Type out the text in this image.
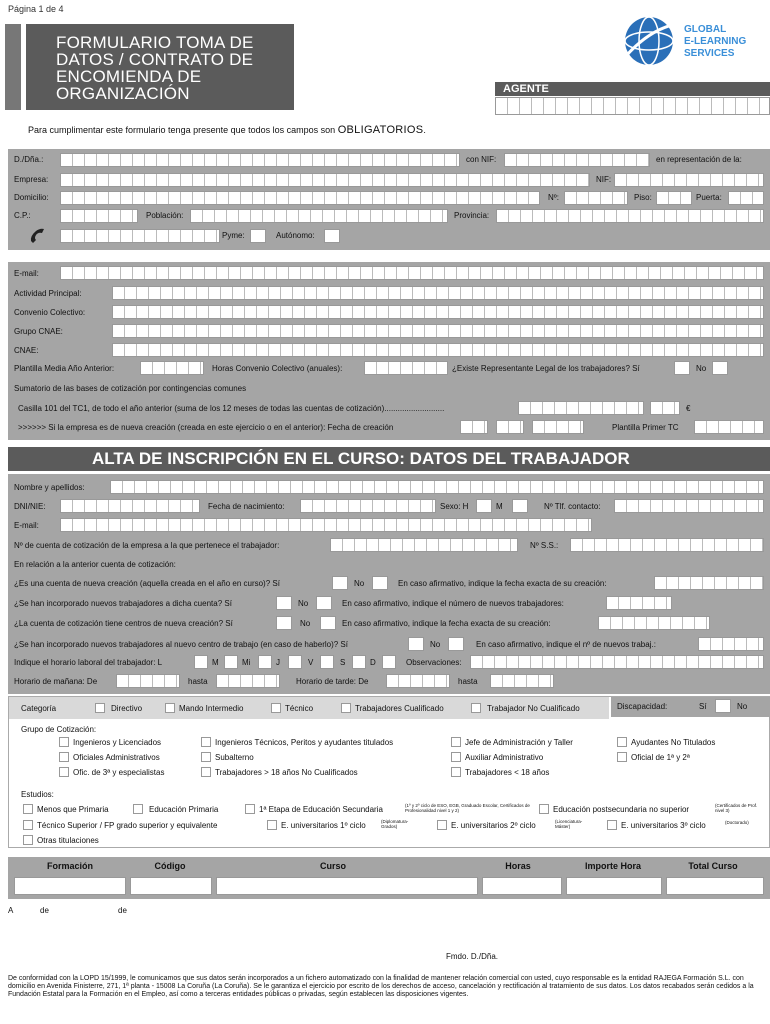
Página 1 de 4
FORMULARIO TOMA DE DATOS / CONTRATO DE ENCOMIENDA DE ORGANIZACIÓN
GLOBAL
E-LEARNING
SERVICES
AGENTE
Para cumplimentar este formulario tenga presente que todos los campos son OBLIGATORIOS.
D./Dña.:	con NIF:	en representación de la:
Empresa:	NIF:
Domicilio:	Nº:	Piso:	Puerta:
C.P.:	Población:	Provincia:
Pyme:	Autónomo:
E-mail:
Actividad Principal:
Convenio Colectivo:
Grupo CNAE:
CNAE:
Plantilla Media Año Anterior:	Horas Convenio Colectivo (anuales):	¿Existe Representante Legal de los trabajadores? Sí	No
Sumatorio de las bases de cotización por contingencias comunes
Casilla 101 del TC1, de todo el año anterior (suma de los 12 meses de todas las cuentas de cotización)...........................	€
>>>>>> Si la empresa es de nueva creación (creada en este ejercicio o en el anterior): Fecha de creación	Plantilla Primer TC
ALTA DE INSCRIPCIÓN EN EL CURSO: DATOS DEL TRABAJADOR
Nombre y apellidos:
DNI/NIE:	Fecha de nacimiento:	Sexo: H	M	Nº Tlf. contacto:
E-mail:
Nº de cuenta de cotización de la empresa a la que pertenece el trabajador:	Nº S.S.:
En relación a la anterior cuenta de cotización:
¿Es una cuenta de nueva creación (aquella creada en el año en curso)? Sí	No	En caso afirmativo, indique la fecha exacta de su creación:
¿Se han incorporado nuevos trabajadores a dicha cuenta? Sí	No	En caso afirmativo, indique el número de nuevos trabajadores:
¿La cuenta de cotización tiene centros de nueva creación? Sí	No	En caso afirmativo, indique la fecha exacta de su creación:
¿Se han incorporado nuevos trabajadores al nuevo centro de trabajo (en caso de haberlo)? Sí	No	En caso afirmativo, indique el nº de nuevos trabaj.:
Indique el horario laboral del trabajador: L	M	Mi	J	V	S	D	Observaciones:
Horario de mañana: De	hasta	Horario de tarde: De	hasta
Categoría	Directivo	Mando Intermedio	Técnico	Trabajadores Cualificado	Trabajador No Cualificado	Discapacidad:	Sí	No
Grupo de Cotización:
Ingenieros y Licenciados	Ingenieros Técnicos, Peritos y ayudantes titulados	Jefe de Administración y Taller	Ayudantes No Titulados
Oficiales Administrativos	Subalterno	Auxiliar Administrativo	Oficial de 1ª y 2ª
Ofic. de 3ª y especialistas	Trabajadores > 18 años No Cualificados	Trabajadores < 18 años
Estudios:
Menos que Primaria	Educación Primaria	1ª Etapa de Educación Secundaria	(1º y 2º ciclo de ESO, EGB, Graduado Escolar, Certificados de Profesionalidad nivel 1 y 2)	Educación postsecundaria no superior	(Certificados de Prof. nivel 3)
Técnico Superior / FP grado superior y equivalente	E. universitarios 1º ciclo	(Diplomatura-Grados)	E. universitarios 2º ciclo	(Licenciatura-Máster)	E. universitarios 3º ciclo	(Doctorado)
Otras titulaciones
Formación	Código	Curso	Horas	Importe Hora	Total Curso
A	de	de
Fmdo. D./Dña.
De conformidad con la LOPD 15/1999, le comunicamos que sus datos serán incorporados a un fichero automatizado con la finalidad de mantener relación comercial con usted, cuyo responsable es la entidad RAJEGA Formación S.L. con domicilio en Avenida Finisterre, 271, 1ª planta - 15008 La Coruña (La Coruña). Se le garantiza el ejercicio por escrito de los derechos de acceso, cancelación y rectificación al tratamiento de sus datos. Los datos recabados serán cedidos a la Fundación Estatal para la Formación en el Empleo, así como a terceras entidades públicas o privadas, según establecen las disposiciones vigentes.
